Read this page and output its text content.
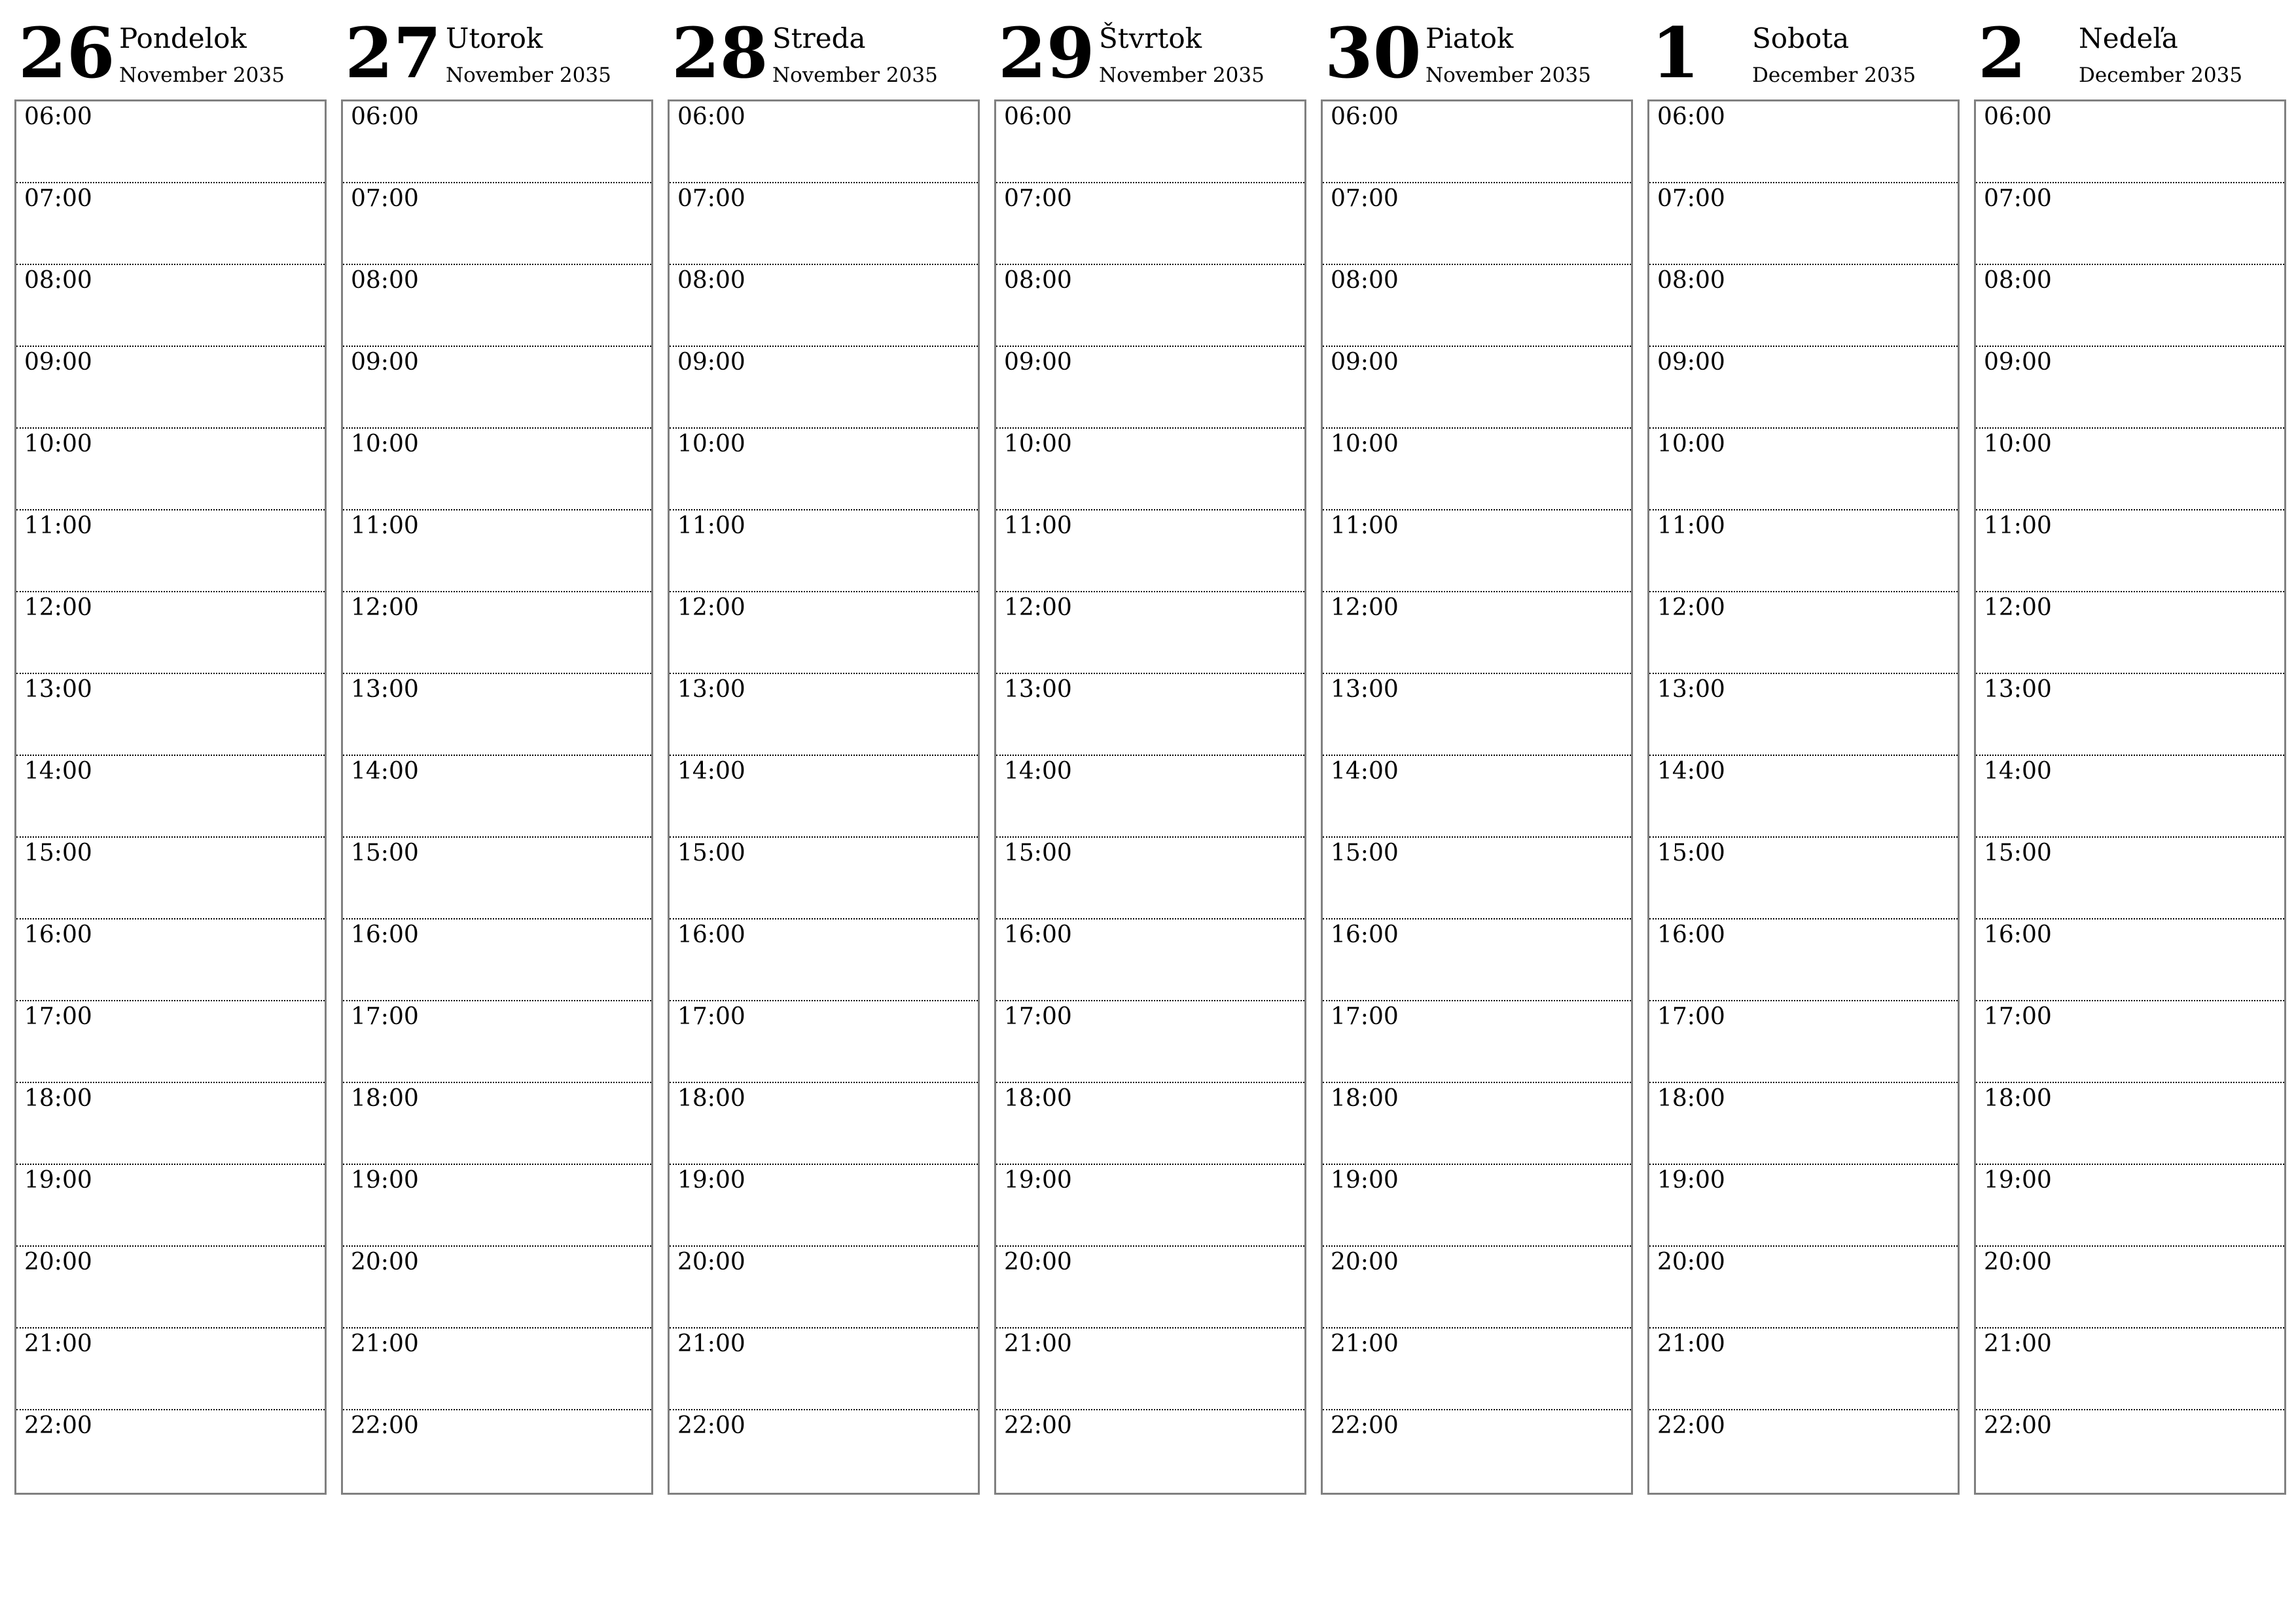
26 Pondelok
November 2035
06:00
07:00
08:00
09:00
10:00
11:00
12:00
13:00
14:00
15:00
16:00
17:00
18:00
19:00
20:00
21:00
22:00
27 Utorok
November 2035
06:00
07:00
08:00
09:00
10:00
11:00
12:00
13:00
14:00
15:00
16:00
17:00
18:00
19:00
20:00
21:00
22:00
28 Streda
November 2035
06:00
07:00
08:00
09:00
10:00
11:00
12:00
13:00
14:00
15:00
16:00
17:00
18:00
19:00
20:00
21:00
22:00
29 Štvrtok
November 2035
06:00
07:00
08:00
09:00
10:00
11:00
12:00
13:00
14:00
15:00
16:00
17:00
18:00
19:00
20:00
21:00
22:00
30 Piatok
November 2035
06:00
07:00
08:00
09:00
10:00
11:00
12:00
13:00
14:00
15:00
16:00
17:00
18:00
19:00
20:00
21:00
22:00
1 Sobota
December 2035
06:00
07:00
08:00
09:00
10:00
11:00
12:00
13:00
14:00
15:00
16:00
17:00
18:00
19:00
20:00
21:00
22:00
2 Nedeľa
December 2035
06:00
07:00
08:00
09:00
10:00
11:00
12:00
13:00
14:00
15:00
16:00
17:00
18:00
19:00
20:00
21:00
22:00
